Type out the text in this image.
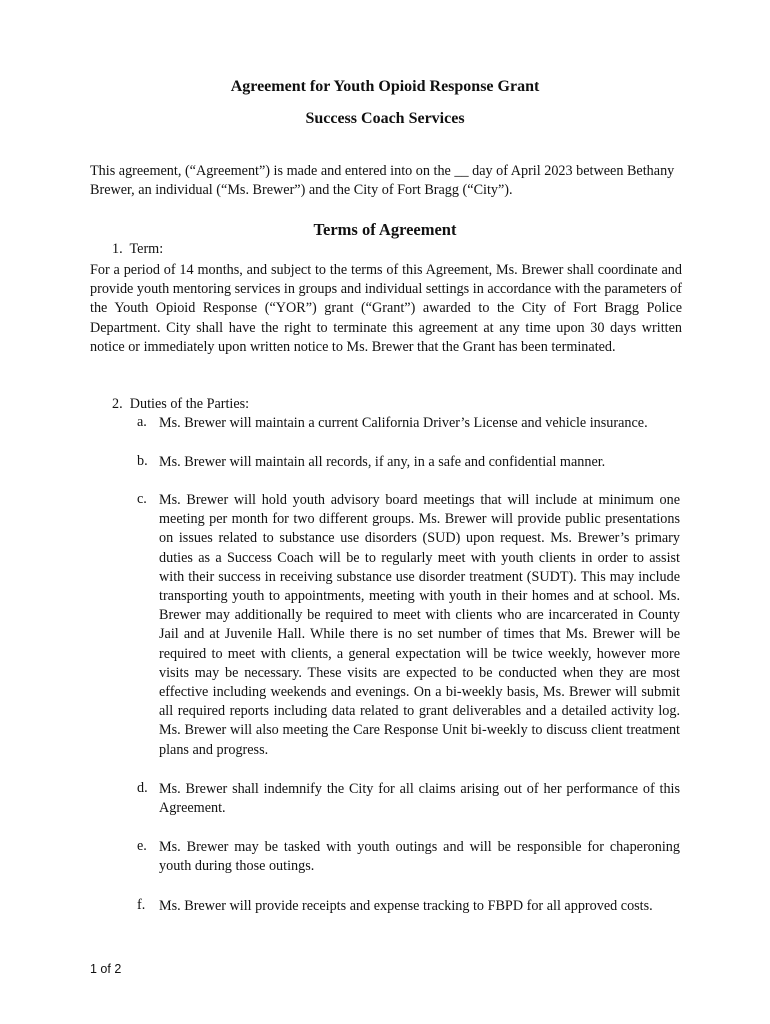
Agreement for Youth Opioid Response Grant
Success Coach Services

This agreement, (“Agreement”) is made and entered into on the __ day of April 2023 between Bethany Brewer, an individual (“Ms. Brewer”) and the City of Fort Bragg (“City”).

Terms of Agreement

1. Term:

For a period of 14 months, and subject to the terms of this Agreement, Ms. Brewer shall coordinate and provide youth mentoring services in groups and individual settings in accordance with the parameters of the Youth Opioid Response (“YOR”) grant (“Grant”) awarded to the City of Fort Bragg Police Department. City shall have the right to terminate this agreement at any time upon 30 days written notice or immediately upon written notice to Ms. Brewer that the Grant has been terminated.

2. Duties of the Parties:

a. Ms. Brewer will maintain a current California Driver’s License and vehicle insurance.

b. Ms. Brewer will maintain all records, if any, in a safe and confidential manner.

c. Ms. Brewer will hold youth advisory board meetings that will include at minimum one meeting per month for two different groups. Ms. Brewer will provide public presentations on issues related to substance use disorders (SUD) upon request. Ms. Brewer’s primary duties as a Success Coach will be to regularly meet with youth clients in order to assist with their success in receiving substance use disorder treatment (SUDT). This may include transporting youth to appointments, meeting with youth in their homes and at school. Ms. Brewer may additionally be required to meet with clients who are incarcerated in County Jail and at Juvenile Hall. While there is no set number of times that Ms. Brewer will be required to meet with clients, a general expectation will be twice weekly, however more visits may be necessary. These visits are expected to be conducted when they are most effective including weekends and evenings. On a bi-weekly basis, Ms. Brewer will submit all required reports including data related to grant deliverables and a detailed activity log. Ms. Brewer will also meeting the Care Response Unit bi-weekly to discuss client treatment plans and progress.

d. Ms. Brewer shall indemnify the City for all claims arising out of her performance of this Agreement.

e. Ms. Brewer may be tasked with youth outings and will be responsible for chaperoning youth during those outings.

f. Ms. Brewer will provide receipts and expense tracking to FBPD for all approved costs.

1 of 2
